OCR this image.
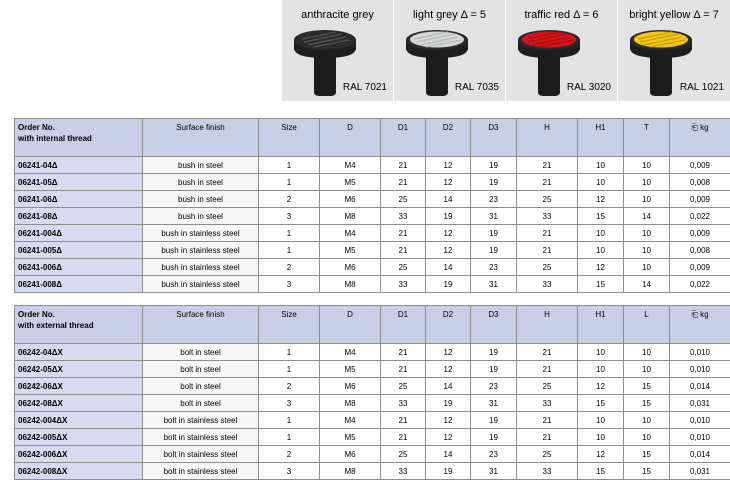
anthracite grey
RAL 7021
light grey Δ = 5
RAL 7035
traffic red Δ = 6
RAL 3020
bright yellow Δ = 7
RAL 1021
Order No.
with internal thread	Surface finish	Size	D	D1	D2	D3	H	H1	T	⎗ kg
06241-04Δ	bush in steel	1	M4	21	12	19	21	10	10	0,009
06241-05Δ	bush in steel	1	M5	21	12	19	21	10	10	0,008
06241-06Δ	bush in steel	2	M6	25	14	23	25	12	10	0,009
06241-08Δ	bush in steel	3	M8	33	19	31	33	15	14	0,022
06241-004Δ	bush in stainless steel	1	M4	21	12	19	21	10	10	0,009
06241-005Δ	bush in stainless steel	1	M5	21	12	19	21	10	10	0,008
06241-006Δ	bush in stainless steel	2	M6	25	14	23	25	12	10	0,009
06241-008Δ	bush in stainless steel	3	M8	33	19	31	33	15	14	0,022
Order No.
with external thread	Surface finish	Size	D	D1	D2	D3	H	H1	L	⎗ kg
06242-04ΔX	bolt in steel	1	M4	21	12	19	21	10	10	0,010
06242-05ΔX	bolt in steel	1	M5	21	12	19	21	10	10	0,010
06242-06ΔX	bolt in steel	2	M6	25	14	23	25	12	15	0,014
06242-08ΔX	bolt in steel	3	M8	33	19	31	33	15	15	0,031
06242-004ΔX	bolt in stainless steel	1	M4	21	12	19	21	10	10	0,010
06242-005ΔX	bolt in stainless steel	1	M5	21	12	19	21	10	10	0,010
06242-006ΔX	bolt in stainless steel	2	M6	25	14	23	25	12	15	0,014
06242-008ΔX	bolt in stainless steel	3	M8	33	19	31	33	15	15	0,031
